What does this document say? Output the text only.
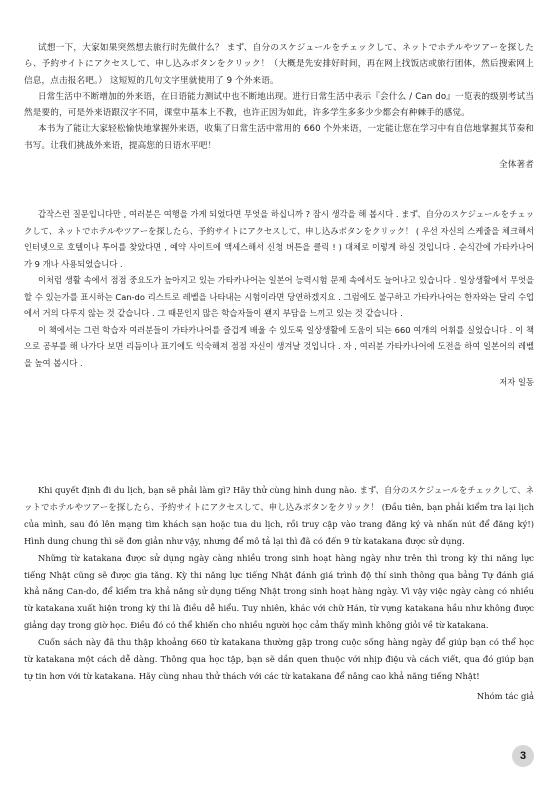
试想一下，大家如果突然想去旅行时先做什么？ まず、自分のスケジュールをチェックして、ネットでホテルやツアーを探したら、予約サイトにアクセスして、申し込みボタンをクリック！（大概是先安排好时间，再在网上找饭店或旅行团体，然后搜索网上信息，点击报名吧。） 这短短的几句文字里就使用了 9 个外来语。

日常生活中不断增加的外来语，在日语能力测试中也不断地出现。进行日常生活中表示『会什么 / Can do』一览表的级别考试当然是要的，可是外来语跟汉字不同，课堂中基本上不教，也许正因为如此，许多学生多多少少都会有种棘手的感觉。

本书为了能让大家轻松愉快地掌握外来语，收集了日常生活中常用的 660 个外来语，一定能让您在学习中有自信地掌握其节奏和书写。让我们挑战外来语，提高您的日语水平吧！

全体著者

갑작스런 질문입니다만 , 여러분은 여행을 가게 되었다면 무엇을 하십니까 ? 잠시 생각을 해 봅시다 . まず、自分のスケジュールをチェックして、ネットでホテルやツアーを探したら、予約サイトにアクセスして、申し込みボタンをクリック！ ( 우선 자신의 스케줄을 체크해서 인터넷으로 호텔이나 투어를 찾았다면 , 예약 사이트에 액세스해서 신청 버튼을 클릭 ! ) 대체로 이렇게 하실 것입니다 . 순식간에 가타카나어가 9 개나 사용되었습니다 .

이처럼 생활 속에서 점점 중요도가 높아지고 있는 가타카나어는 일본어 능력시험 문제 속에서도 늘어나고 있습니다 . 일상생활에서 무엇을 할 수 있는가를 표시하는 Can-do 리스트로 레벨을 나타내는 시험이라면 당연하겠지요 . 그럼에도 불구하고 가타카나어는 한자와는 달리 수업에서 거의 다루지 않는 것 같습니다 . 그 때문인지 많은 학습자들이 왠지 부담을 느끼고 있는 것 같습니다 .

이 책에서는 그런 학습자 여러분들이 가타카나어를 즐겁게 배울 수 있도록 일상생활에 도움이 되는 660 여개의 어휘를 실었습니다 . 이 책으로 공부를 해 나가다 보면 리듬이나 표기에도 익숙해져 점점 자신이 생겨날 것입니다 . 자 , 여러분 가타카나어에 도전을 하여 일본어의 레벨을 높여 봅시다 .

저자 일동

Khi quyết định đi du lịch, bạn sẽ phải làm gì? Hãy thử cùng hình dung nào. まず、自分のスケジュールをチェックして、ネットでホテルやツアーを探したら、予約サイトにアクセスして、申し込みボタンをクリック！ (Đầu tiên, bạn phải kiểm tra lại lịch của mình, sau đó lên mạng tìm khách sạn hoặc tua du lịch, rồi truy cập vào trang đăng ký và nhấn nút để đăng ký!) Hình dung chung thì sẽ đơn giản như vậy, nhưng để mô tả lại thì đã có đến 9 từ katakana được sử dụng.

Những từ katakana được sử dụng ngày càng nhiều trong sinh hoạt hàng ngày như trên thì trong kỳ thi năng lực tiếng Nhật cũng sẽ được gia tăng. Kỳ thi năng lực tiếng Nhật đánh giá trình độ thí sinh thông qua bảng Tự đánh giá khả năng Can-do, để kiểm tra khả năng sử dụng tiếng Nhật trong sinh hoạt hàng ngày. Vì vậy việc ngày càng có nhiều từ katakana xuất hiện trong kỳ thi là điều dễ hiểu. Tuy nhiên, khác với chữ Hán, từ vựng katakana hầu như không được giảng dạy trong giờ học. Điều đó có thể khiến cho nhiều người học cảm thấy mình không giỏi về từ katakana.

Cuốn sách này đã thu thập khoảng 660 từ katakana thường gặp trong cuộc sống hàng ngày để giúp bạn có thể học từ katakana một cách dễ dàng. Thông qua học tập, bạn sẽ dần quen thuộc với nhịp điệu và cách viết, qua đó giúp bạn tự tin hơn với từ katakana. Hãy cùng nhau thử thách với các từ katakana để nâng cao khả năng tiếng Nhật!

Nhóm tác giả

3
